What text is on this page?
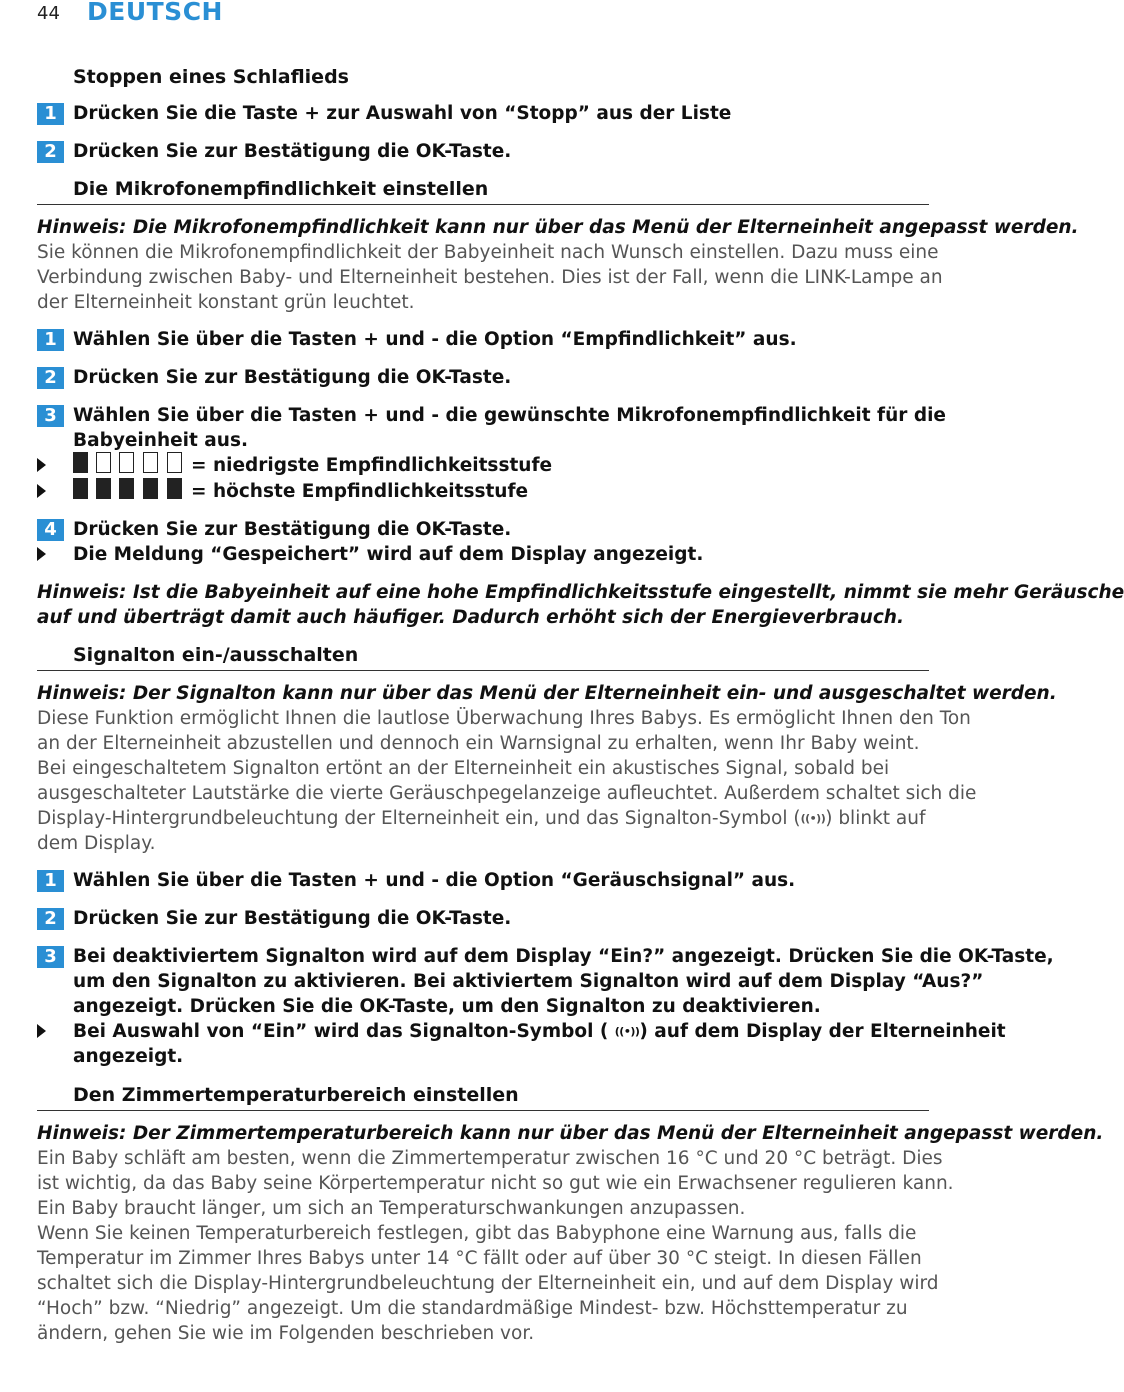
44 DEUTSCH
Stoppen eines Schlaflieds
1 Drücken Sie die Taste + zur Auswahl von “Stopp” aus der Liste
2 Drücken Sie zur Bestätigung die OK-Taste.
Die Mikrofonempfindlichkeit einstellen
Hinweis: Die Mikrofonempfindlichkeit kann nur über das Menü der Elterneinheit angepasst werden.
Sie können die Mikrofonempfindlichkeit der Babyeinheit nach Wunsch einstellen. Dazu muss eine
Verbindung zwischen Baby- und Elterneinheit bestehen. Dies ist der Fall, wenn die LINK-Lampe an
der Elterneinheit konstant grün leuchtet.
1 Wählen Sie über die Tasten + und - die Option “Empfindlichkeit” aus.
2 Drücken Sie zur Bestätigung die OK-Taste.
3 Wählen Sie über die Tasten + und - die gewünschte Mikrofonempfindlichkeit für die
Babyeinheit aus.
= niedrigste Empfindlichkeitsstufe
= höchste Empfindlichkeitsstufe
4 Drücken Sie zur Bestätigung die OK-Taste.
Die Meldung “Gespeichert” wird auf dem Display angezeigt.
Hinweis: Ist die Babyeinheit auf eine hohe Empfindlichkeitsstufe eingestellt, nimmt sie mehr Geräusche
auf und überträgt damit auch häufiger. Dadurch erhöht sich der Energieverbrauch.
Signalton ein-/ausschalten
Hinweis: Der Signalton kann nur über das Menü der Elterneinheit ein- und ausgeschaltet werden.
Diese Funktion ermöglicht Ihnen die lautlose Überwachung Ihres Babys. Es ermöglicht Ihnen den Ton
an der Elterneinheit abzustellen und dennoch ein Warnsignal zu erhalten, wenn Ihr Baby weint.
Bei eingeschaltetem Signalton ertönt an der Elterneinheit ein akustisches Signal, sobald bei
ausgeschalteter Lautstärke die vierte Geräuschpegelanzeige aufleuchtet. Außerdem schaltet sich die
Display-Hintergrundbeleuchtung der Elterneinheit ein, und das Signalton-Symbol (((•))) blinkt auf
dem Display.
1 Wählen Sie über die Tasten + und - die Option “Geräuschsignal” aus.
2 Drücken Sie zur Bestätigung die OK-Taste.
3 Bei deaktiviertem Signalton wird auf dem Display “Ein?” angezeigt. Drücken Sie die OK-Taste,
um den Signalton zu aktivieren. Bei aktiviertem Signalton wird auf dem Display “Aus?”
angezeigt. Drücken Sie die OK-Taste, um den Signalton zu deaktivieren.
Bei Auswahl von “Ein” wird das Signalton-Symbol ( ((•))) auf dem Display der Elterneinheit
angezeigt.
Den Zimmertemperaturbereich einstellen
Hinweis: Der Zimmertemperaturbereich kann nur über das Menü der Elterneinheit angepasst werden.
Ein Baby schläft am besten, wenn die Zimmertemperatur zwischen 16 °C und 20 °C beträgt. Dies
ist wichtig, da das Baby seine Körpertemperatur nicht so gut wie ein Erwachsener regulieren kann.
Ein Baby braucht länger, um sich an Temperaturschwankungen anzupassen.
Wenn Sie keinen Temperaturbereich festlegen, gibt das Babyphone eine Warnung aus, falls die
Temperatur im Zimmer Ihres Babys unter 14 °C fällt oder auf über 30 °C steigt. In diesen Fällen
schaltet sich die Display-Hintergrundbeleuchtung der Elterneinheit ein, und auf dem Display wird
“Hoch” bzw. “Niedrig” angezeigt. Um die standardmäßige Mindest- bzw. Höchsttemperatur zu
ändern, gehen Sie wie im Folgenden beschrieben vor.
